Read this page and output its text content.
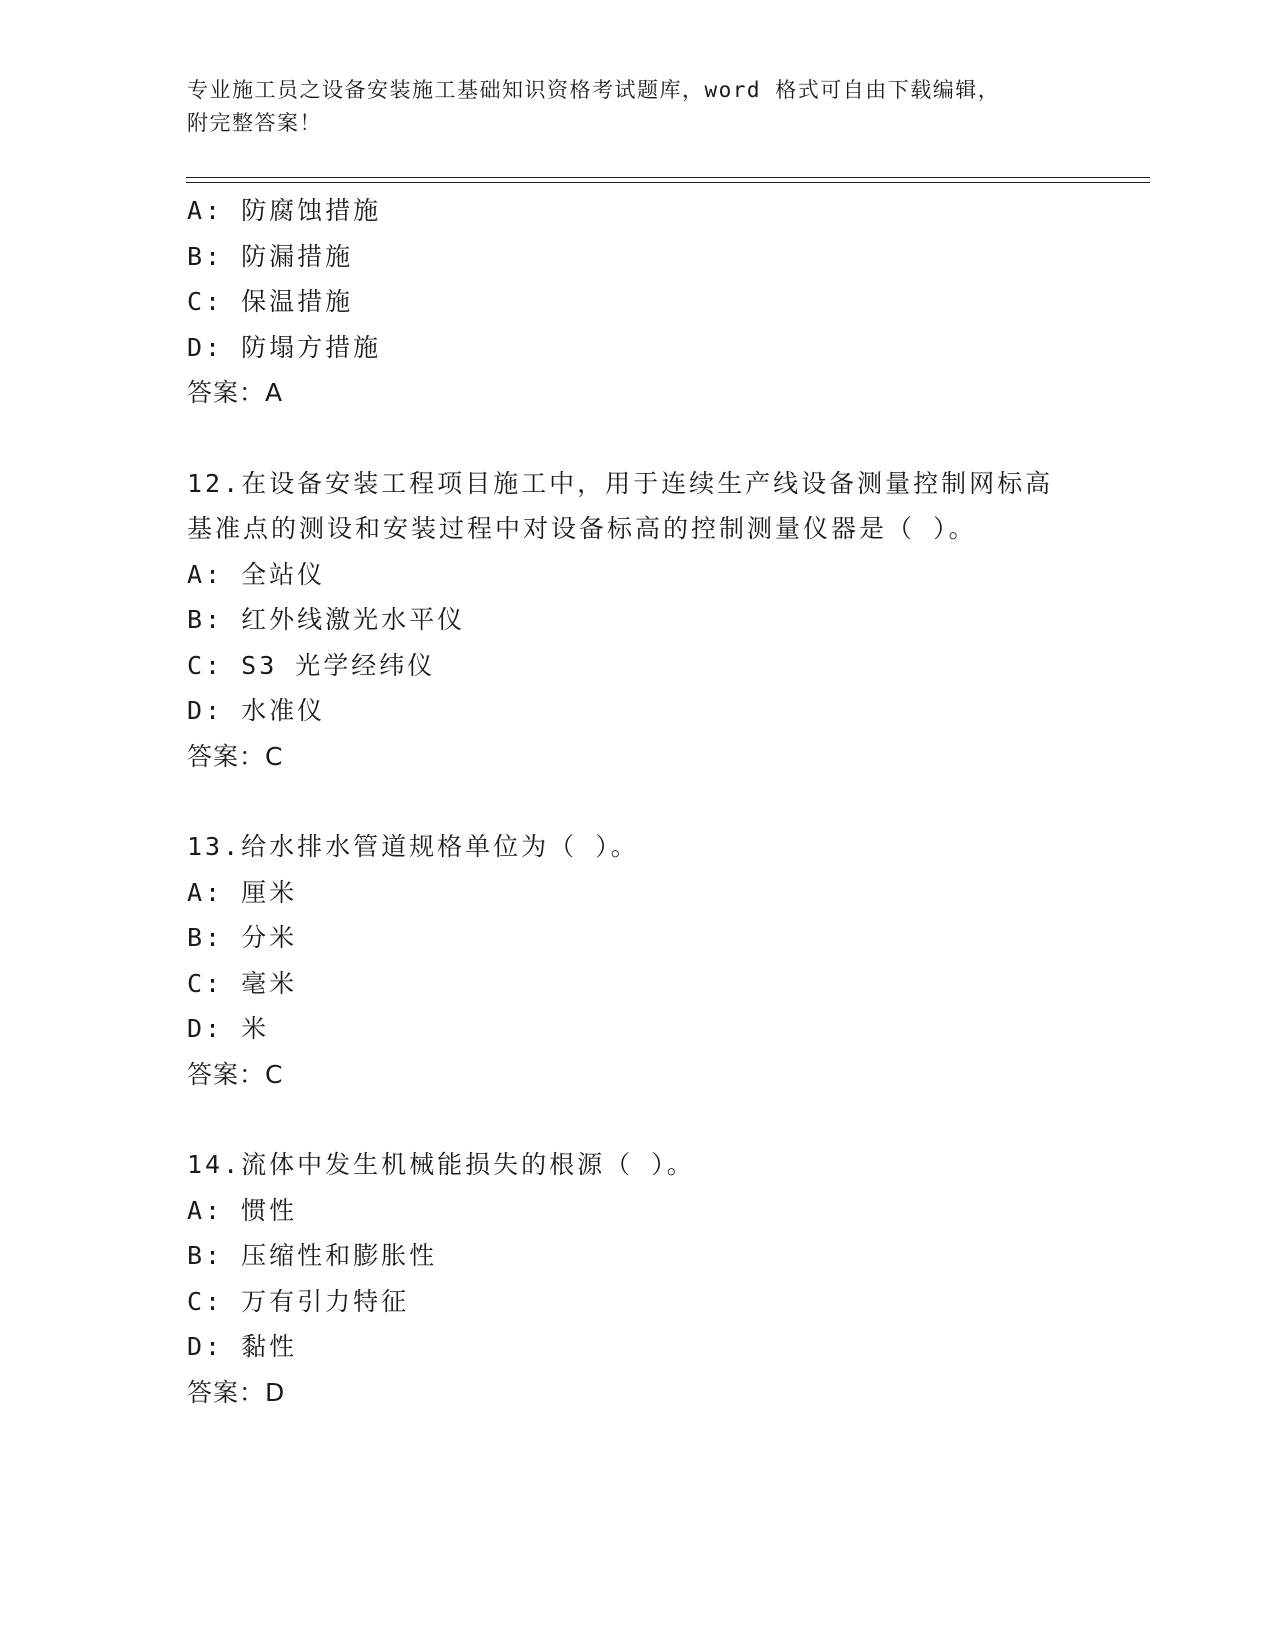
专业施工员之设备安装施工基础知识资格考试题库，word 格式可自由下载编辑，
附完整答案！
A: 防腐蚀措施
B: 防漏措施
C: 保温措施
D: 防塌方措施
答案：A
12.在设备安装工程项目施工中，用于连续生产线设备测量控制网标高
基准点的测设和安装过程中对设备标高的控制测量仪器是（ ）。
A: 全站仪
B: 红外线激光水平仪
C: S3 光学经纬仪
D: 水准仪
答案：C
13.给水排水管道规格单位为（ ）。
A: 厘米
B: 分米
C: 毫米
D: 米
答案：C
14.流体中发生机械能损失的根源（ ）。
A: 惯性
B: 压缩性和膨胀性
C: 万有引力特征
D: 黏性
答案：D
